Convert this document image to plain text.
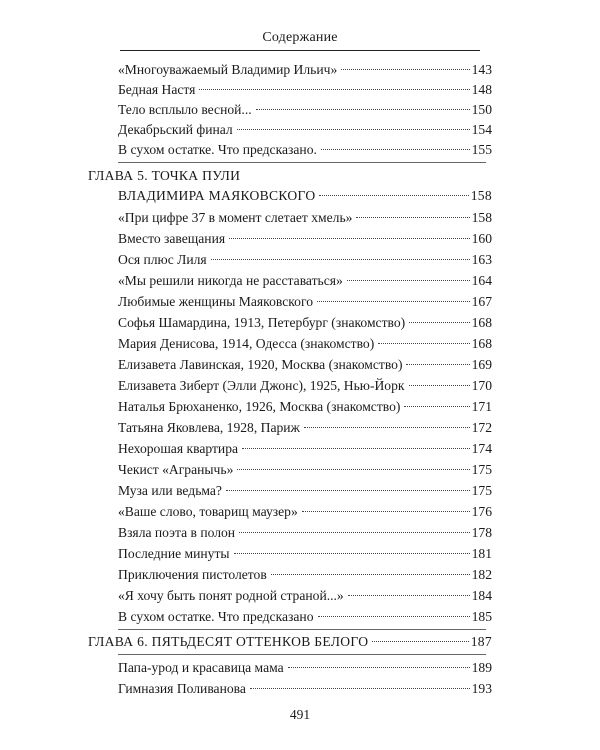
Содержание
«Многоуважаемый Владимир Ильич»	143
Бедная Настя	148
Тело всплыло весной...	150
Декабрьский финал	154
В сухом остатке. Что предсказано.	155
ГЛАВА 5. ТОЧКА ПУЛИ
ВЛАДИМИРА МАЯКОВСКОГО	158
«При цифре 37 в момент слетает хмель»	158
Вместо завещания	160
Ося плюс Лиля	163
«Мы решили никогда не расставаться»	164
Любимые женщины Маяковского	167
Софья Шамардина, 1913, Петербург (знакомство)	168
Мария Денисова, 1914, Одесса (знакомство)	168
Елизавета Лавинская, 1920, Москва (знакомство)	169
Елизавета Зиберт (Элли Джонс), 1925, Нью-Йорк	170
Наталья Брюханенко, 1926, Москва (знакомство)	171
Татьяна Яковлева, 1928, Париж	172
Нехорошая квартира	174
Чекист «Агранычь»	175
Муза или ведьма?	175
«Ваше слово, товарищ маузер»	176
Взяла поэта в полон	178
Последние минуты	181
Приключения пистолетов	182
«Я хочу быть понят родной страной...»	184
В сухом остатке. Что предсказано	185
ГЛАВА 6. ПЯТЬДЕСЯТ ОТТЕНКОВ БЕЛОГО	187
Папа-урод и красавица мама	189
Гимназия Поливанова	193
491
